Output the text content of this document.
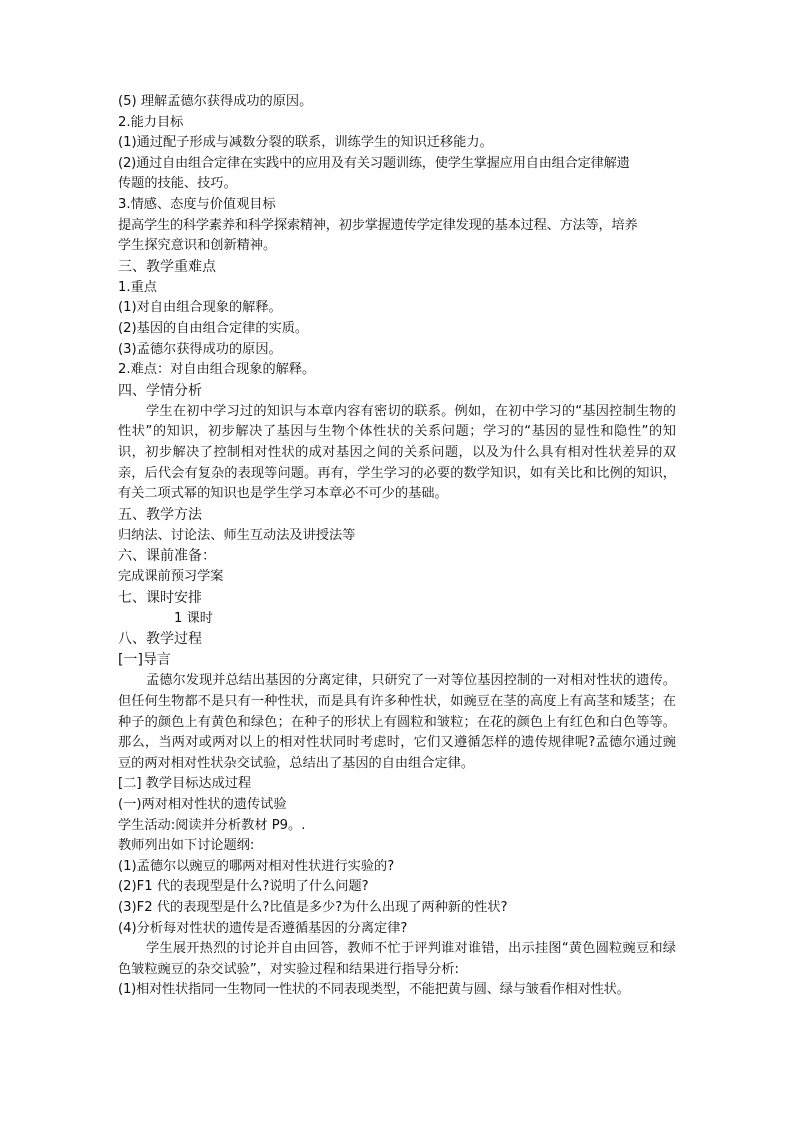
(5) 理解孟德尔获得成功的原因。

2.能力目标

(1)通过配子形成与减数分裂的联系，训练学生的知识迁移能力。

(2)通过自由组合定律在实践中的应用及有关习题训练，使学生掌握应用自由组合定律解遗

传题的技能、技巧。

3.情感、态度与价值观目标

提高学生的科学素养和科学探索精神，初步掌握遗传学定律发现的基本过程、方法等，培养

学生探究意识和创新精神。

三、教学重难点

1.重点

(1)对自由组合现象的解释。

(2)基因的自由组合定律的实质。

(3)孟德尔获得成功的原因。

2.难点：对自由组合现象的解释。

四、学情分析

学生在初中学习过的知识与本章内容有密切的联系。例如，在初中学习的“基因控制生物的性状”的知识，初步解决了基因与生物个体性状的关系问题；学习的“基因的显性和隐性”的知识，初步解决了控制相对性状的成对基因之间的关系问题，以及为什么具有相对性状差异的双亲，后代会有复杂的表现等问题。再有，学生学习的必要的数学知识，如有关比和比例的知识，有关二项式幂的知识也是学生学习本章必不可少的基础。

五、教学方法

归纳法、讨论法、师生互动法及讲授法等

六、课前准备：

完成课前预习学案

七、课时安排

1 课时

八、教学过程

[一]导言

孟德尔发现并总结出基因的分离定律，只研究了一对等位基因控制的一对相对性状的遗传。但任何生物都不是只有一种性状，而是具有许多种性状，如豌豆在茎的高度上有高茎和矮茎；在种子的颜色上有黄色和绿色；在种子的形状上有圆粒和皱粒；在花的颜色上有红色和白色等等。那么，当两对或两对以上的相对性状同时考虑时，它们又遵循怎样的遗传规律呢?孟德尔通过豌豆的两对相对性状杂交试验，总结出了基因的自由组合定律。

[二] 教学目标达成过程

(一)两对相对性状的遗传试验

学生活动:阅读并分析教材 P9。.

教师列出如下讨论题纲:

(1)孟德尔以豌豆的哪两对相对性状进行实验的?

(2)F1 代的表现型是什么?说明了什么问题?

(3)F2 代的表现型是什么?比值是多少?为什么出现了两种新的性状?

(4)分析每对性状的遗传是否遵循基因的分离定律?

学生展开热烈的讨论并自由回答，教师不忙于评判谁对谁错，出示挂图“黄色圆粒豌豆和绿色皱粒豌豆的杂交试验”，对实验过程和结果进行指导分析:

(1)相对性状指同一生物同一性状的不同表现类型，不能把黄与圆、绿与皱看作相对性状。
